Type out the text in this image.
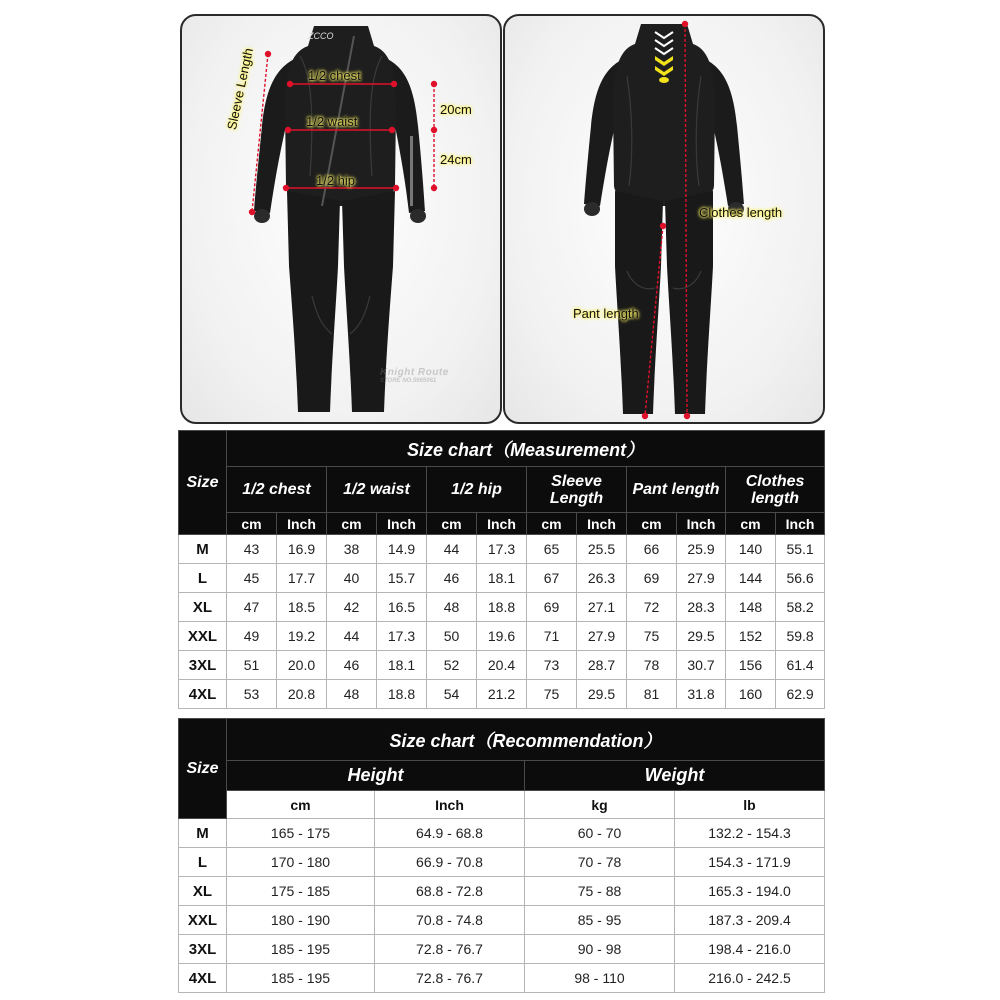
ZCCO
Sleeve Length	1/2 chest
1/2 waist
1/2 hip
20cm
24cm
Knight Route
STORE NO.5665061
Clothes length
Pant length
Size	Size chart（Measurement）											
	1/2 chest		1/2 waist		1/2 hip		Sleeve Length		Pant length		Clothes length	
	cm	Inch	cm	Inch	cm	Inch	cm	Inch	cm	Inch	cm	Inch
M	43	16.9	38	14.9	44	17.3	65	25.5	66	25.9	140	55.1
L	45	17.7	40	15.7	46	18.1	67	26.3	69	27.9	144	56.6
XL	47	18.5	42	16.5	48	18.8	69	27.1	72	28.3	148	58.2
XXL	49	19.2	44	17.3	50	19.6	71	27.9	75	29.5	152	59.8
3XL	51	20.0	46	18.1	52	20.4	73	28.7	78	30.7	156	61.4
4XL	53	20.8	48	18.8	54	21.2	75	29.5	81	31.8	160	62.9
Size	Size chart（Recommendation）			
	Height		Weight	
	cm	Inch	kg	lb
M	165 - 175	64.9 - 68.8	60 - 70	132.2 - 154.3
L	170 - 180	66.9 - 70.8	70 - 78	154.3 - 171.9
XL	175 - 185	68.8 - 72.8	75 - 88	165.3 - 194.0
XXL	180 - 190	70.8 - 74.8	85 - 95	187.3 - 209.4
3XL	185 - 195	72.8 - 76.7	90 - 98	198.4 - 216.0
4XL	185 - 195	72.8 - 76.7	98 - 110	216.0 - 242.5
